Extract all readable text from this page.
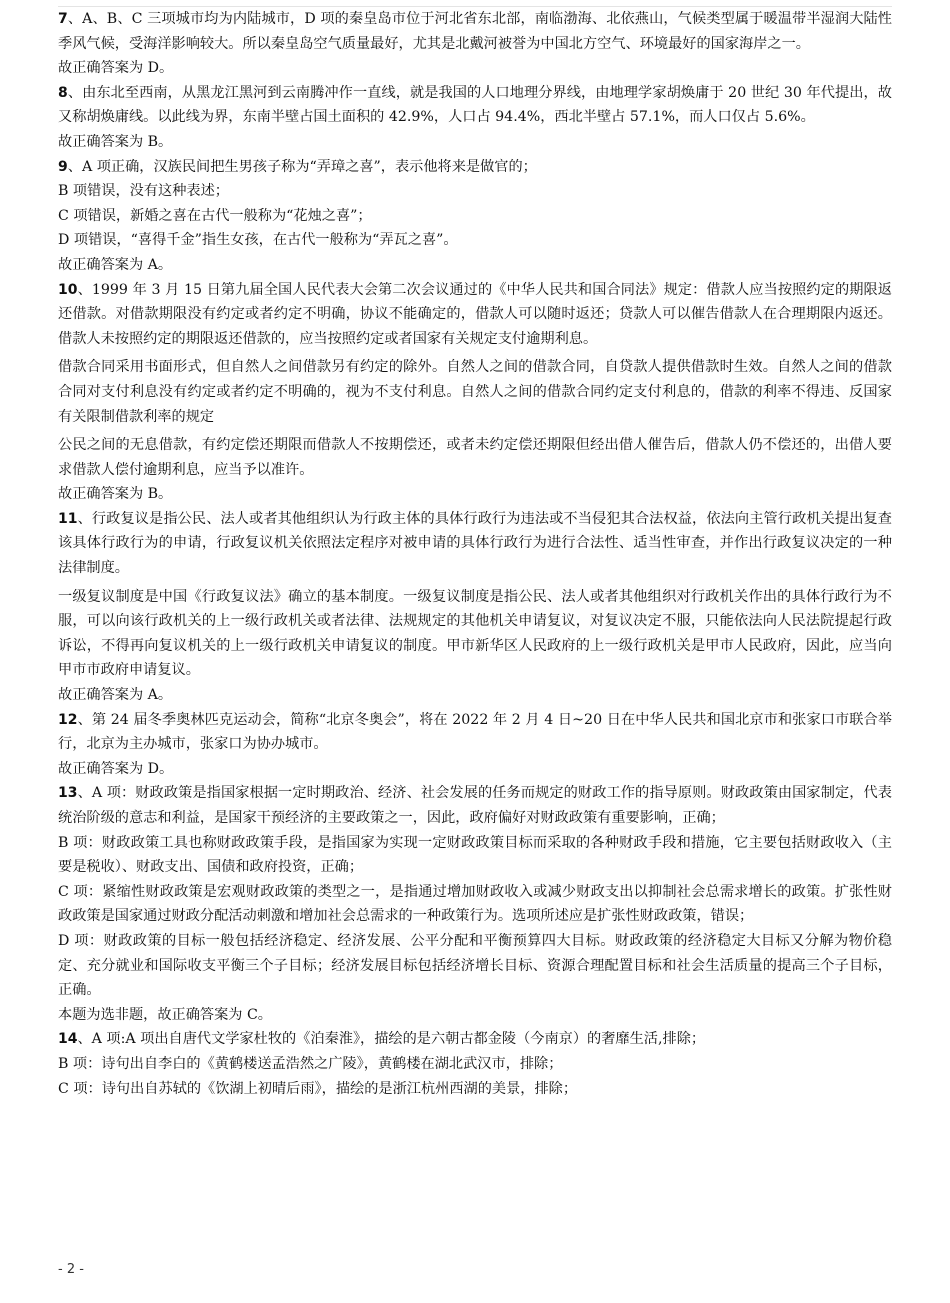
7、A、B、C 三项城市均为内陆城市，D 项的秦皇岛市位于河北省东北部，南临渤海、北依燕山，气候类型属于暖温带半湿润大陆性季风气候，受海洋影响较大。所以秦皇岛空气质量最好，尤其是北戴河被誉为中国北方空气、环境最好的国家海岸之一。

故正确答案为 D。

8、由东北至西南，从黑龙江黑河到云南腾冲作一直线，就是我国的人口地理分界线，由地理学家胡焕庸于 20 世纪 30 年代提出，故又称胡焕庸线。以此线为界，东南半壁占国土面积的 42.9%，人口占 94.4%，西北半壁占 57.1%，而人口仅占 5.6%。

故正确答案为 B。

9、A 项正确，汉族民间把生男孩子称为“弄璋之喜”，表示他将来是做官的；

B 项错误，没有这种表述；

C 项错误，新婚之喜在古代一般称为“花烛之喜”；

D 项错误，“喜得千金”指生女孩，在古代一般称为“弄瓦之喜”。

故正确答案为 A。

10、1999 年 3 月 15 日第九届全国人民代表大会第二次会议通过的《中华人民共和国合同法》规定：借款人应当按照约定的期限返还借款。对借款期限没有约定或者约定不明确，协议不能确定的，借款人可以随时返还；贷款人可以催告借款人在合理期限内返还。借款人未按照约定的期限返还借款的，应当按照约定或者国家有关规定支付逾期利息。

借款合同采用书面形式，但自然人之间借款另有约定的除外。自然人之间的借款合同，自贷款人提供借款时生效。自然人之间的借款合同对支付利息没有约定或者约定不明确的，视为不支付利息。自然人之间的借款合同约定支付利息的，借款的利率不得违、反国家有关限制借款利率的规定

公民之间的无息借款，有约定偿还期限而借款人不按期偿还，或者未约定偿还期限但经出借人催告后，借款人仍不偿还的，出借人要求借款人偿付逾期利息，应当予以准许。

故正确答案为 B。

11、行政复议是指公民、法人或者其他组织认为行政主体的具体行政行为违法或不当侵犯其合法权益，依法向主管行政机关提出复查该具体行政行为的申请，行政复议机关依照法定程序对被申请的具体行政行为进行合法性、适当性审查，并作出行政复议决定的一种法律制度。

一级复议制度是中国《行政复议法》确立的基本制度。一级复议制度是指公民、法人或者其他组织对行政机关作出的具体行政行为不服，可以向该行政机关的上一级行政机关或者法律、法规规定的其他机关申请复议，对复议决定不服，只能依法向人民法院提起行政诉讼，不得再向复议机关的上一级行政机关申请复议的制度。甲市新华区人民政府的上一级行政机关是甲市人民政府，因此，应当向甲市市政府申请复议。

故正确答案为 A。

12、第 24 届冬季奥林匹克运动会，简称“北京冬奥会”，将在 2022 年 2 月 4 日~20 日在中华人民共和国北京市和张家口市联合举行，北京为主办城市，张家口为协办城市。

故正确答案为 D。

13、A 项：财政政策是指国家根据一定时期政治、经济、社会发展的任务而规定的财政工作的指导原则。财政政策由国家制定，代表统治阶级的意志和利益，是国家干预经济的主要政策之一，因此，政府偏好对财政政策有重要影响，正确；

B 项：财政政策工具也称财政政策手段，是指国家为实现一定财政政策目标而采取的各种财政手段和措施，它主要包括财政收入（主要是税收）、财政支出、国债和政府投资，正确；

C 项：紧缩性财政政策是宏观财政政策的类型之一，是指通过增加财政收入或减少财政支出以抑制社会总需求增长的政策。扩张性财政政策是国家通过财政分配活动刺激和增加社会总需求的一种政策行为。选项所述应是扩张性财政政策，错误；

D 项：财政政策的目标一般包括经济稳定、经济发展、公平分配和平衡预算四大目标。财政政策的经济稳定大目标又分解为物价稳定、充分就业和国际收支平衡三个子目标；经济发展目标包括经济增长目标、资源合理配置目标和社会生活质量的提高三个子目标，正确。

本题为选非题，故正确答案为 C。

14、A 项:A 项出自唐代文学家杜牧的《泊秦淮》，描绘的是六朝古都金陵（今南京）的奢靡生活,排除；

B 项：诗句出自李白的《黄鹤楼送孟浩然之广陵》，黄鹤楼在湖北武汉市，排除；

C 项：诗句出自苏轼的《饮湖上初晴后雨》，描绘的是浙江杭州西湖的美景，排除；

- 2 -
